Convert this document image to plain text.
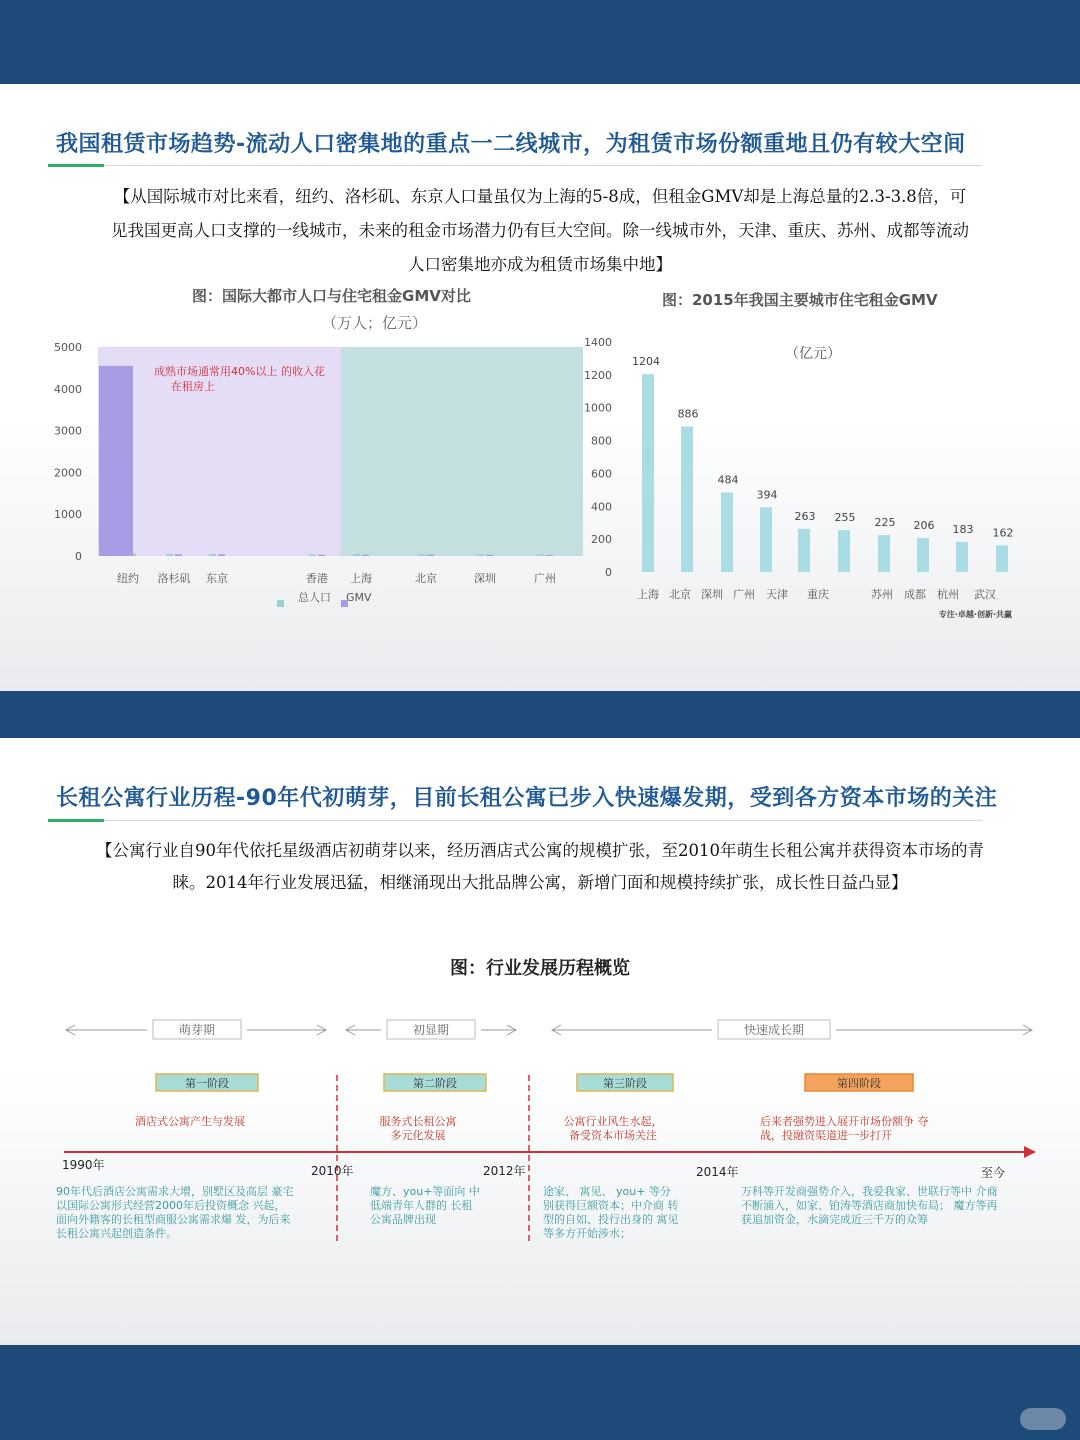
我国租赁市场趋势-流动人口密集地的重点一二线城市，为租赁市场份额重地且仍有较大空间
【从国际城市对比来看，纽约、洛杉矶、东京人口量虽仅为上海的5-8成，但租金GMV却是上海总量的2.3-3.8倍，可
见我国更高人口支撑的一线城市，未来的租金市场潜力仍有巨大空间。除一线城市外，天津、重庆、苏州、成都等流动
人口密集地亦成为租赁市场集中地】
图：国际大都市人口与住宅租金GMV对比
（万人；亿元）
图：2015年我国主要城市住宅租金GMV
0
1000
2000
3000
4000
5000
0
200
400
600
800
1000
1200
1400
纽约 洛杉矶 东京	香港 上海	北京	深圳	广州
成熟市场通常用40%以上 的收入花
在租房上
总人口 GMV
（亿元）
1204
上海
886
北京
484
深圳
394
广州
263
天津
255
重庆
225
苏州
206
成都
183
杭州
162
武汉
专注·卓越·创新·共赢
长租公寓行业历程-90年代初萌芽，目前长租公寓已步入快速爆发期，受到各方资本市场的关注
【公寓行业自90年代依托星级酒店初萌芽以来，经历酒店式公寓的规模扩张，至2010年萌生长租公寓并获得资本市场的青
睐。2014年行业发展迅猛，相继涌现出大批品牌公寓，新增门面和规模持续扩张，成长性日益凸显】
图：行业发展历程概览
萌芽期	初显期	快速成长期
第一阶段	第二阶段	第三阶段	第四阶段
酒店式公寓产生与发展	服务式长租公寓
多元化发展
公寓行业风生水起，
备受资本市场关注
后来者强势进入展开市场份额争 夺
战，投融资渠道进一步打开
1990年	2010年	2012年	2014年	至今
90年代后酒店公寓需求大增，别墅区及高层 豪宅
以国际公寓形式经营2000年后投资概念 兴起，
面向外籍客的长租型商服公寓需求爆 发，为后来
长租公寓兴起创造条件。
魔方、you+等面向 中
低端青年人群的 长租
公寓品牌出现
途家、 寓见、 you+ 等分
别获得巨额资本；中介商 转
型的自如、投行出身的 寓见
等多方开始涉水；
万科等开发商强势介入，我爱我家、世联行等中 介商
不断涌入，如家、铂涛等酒店商加快布局； 魔方等再
获追加资金，水滴完成近三千万的众筹
